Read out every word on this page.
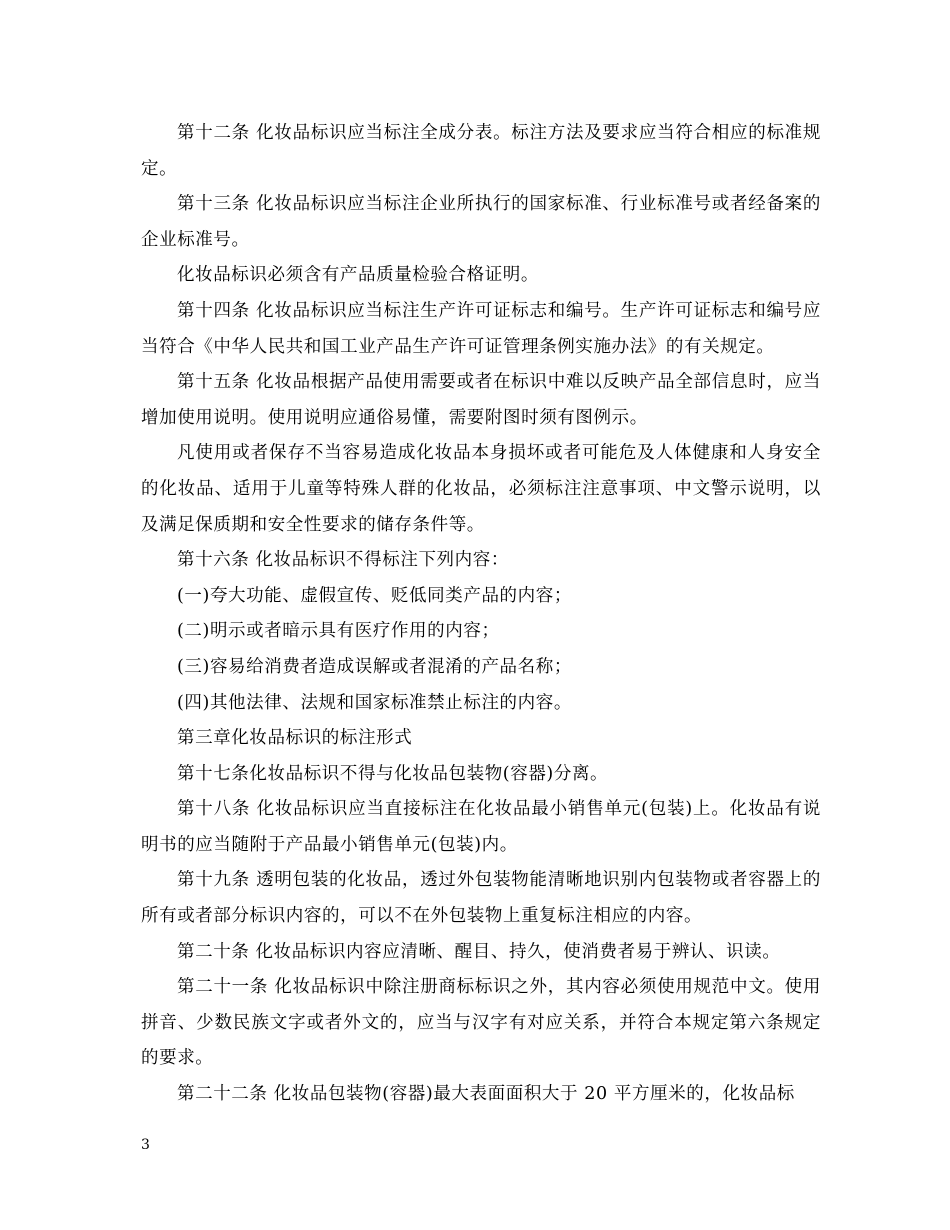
第十二条 化妆品标识应当标注全成分表。标注方法及要求应当符合相应的标准规定。

第十三条 化妆品标识应当标注企业所执行的国家标准、行业标准号或者经备案的企业标准号。

化妆品标识必须含有产品质量检验合格证明。

第十四条 化妆品标识应当标注生产许可证标志和编号。生产许可证标志和编号应当符合《中华人民共和国工业产品生产许可证管理条例实施办法》的有关规定。

第十五条 化妆品根据产品使用需要或者在标识中难以反映产品全部信息时，应当增加使用说明。使用说明应通俗易懂，需要附图时须有图例示。

凡使用或者保存不当容易造成化妆品本身损坏或者可能危及人体健康和人身安全的化妆品、适用于儿童等特殊人群的化妆品，必须标注注意事项、中文警示说明，以及满足保质期和安全性要求的储存条件等。

第十六条 化妆品标识不得标注下列内容：

(一)夸大功能、虚假宣传、贬低同类产品的内容；

(二)明示或者暗示具有医疗作用的内容；

(三)容易给消费者造成误解或者混淆的产品名称；

(四)其他法律、法规和国家标准禁止标注的内容。

第三章化妆品标识的标注形式

第十七条化妆品标识不得与化妆品包装物(容器)分离。

第十八条 化妆品标识应当直接标注在化妆品最小销售单元(包装)上。化妆品有说明书的应当随附于产品最小销售单元(包装)内。

第十九条 透明包装的化妆品，透过外包装物能清晰地识别内包装物或者容器上的所有或者部分标识内容的，可以不在外包装物上重复标注相应的内容。

第二十条 化妆品标识内容应清晰、醒目、持久，使消费者易于辨认、识读。

第二十一条 化妆品标识中除注册商标标识之外，其内容必须使用规范中文。使用拼音、少数民族文字或者外文的，应当与汉字有对应关系，并符合本规定第六条规定的要求。

第二十二条 化妆品包装物(容器)最大表面面积大于 20 平方厘米的，化妆品标

3
